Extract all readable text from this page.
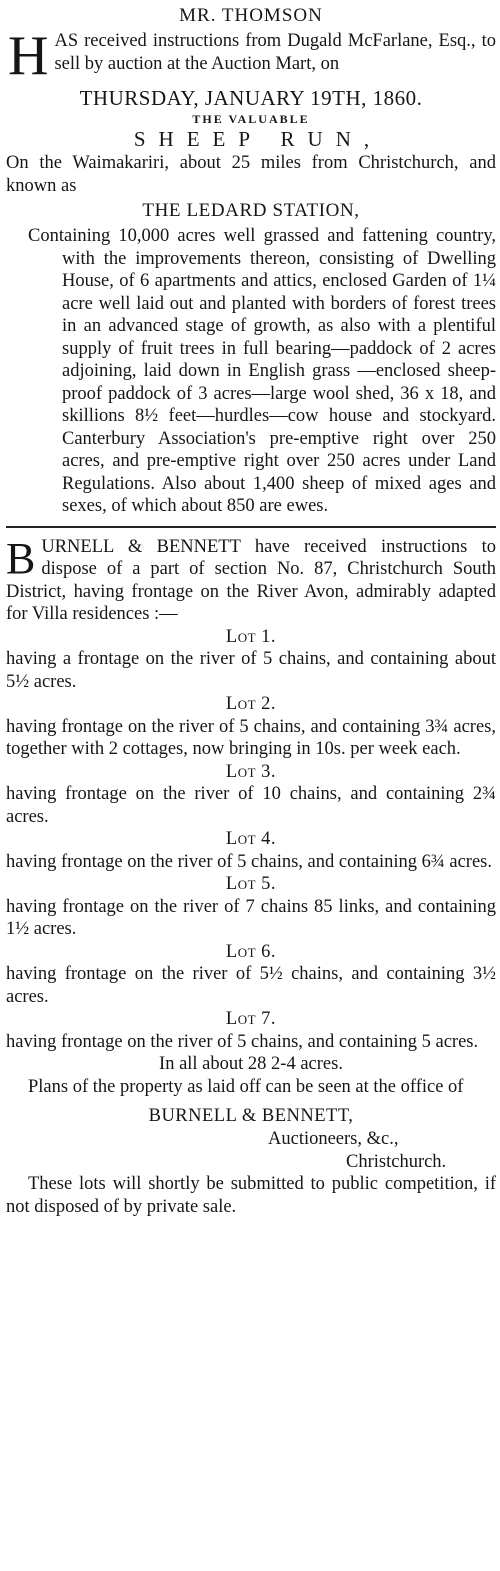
MR. THOMSON

H AS received instructions from Dugald McFarlane, Esq., to sell by auction at the Auction Mart, on

THURSDAY, JANUARY 19TH, 1860.

THE VALUABLE

SHEEP RUN,

On the Waimakariri, about 25 miles from Christchurch, and known as

THE LEDARD STATION,

Containing 10,000 acres well grassed and fattening country, with the improvements thereon, consisting of Dwelling House, of 6 apartments and attics, enclosed Garden of 1¼ acre well laid out and planted with borders of forest trees in an advanced stage of growth, as also with a plentiful supply of fruit trees in full bearing—paddock of 2 acres adjoining, laid down in English grass —enclosed sheep-proof paddock of 3 acres—large wool shed, 36 x 18, and skillions 8½ feet—hurdles—cow house and stockyard. Canterbury Association's pre-emptive right over 250 acres, and pre-emptive right over 250 acres under Land Regulations. Also about 1,400 sheep of mixed ages and sexes, of which about 850 are ewes.

B URNELL & BENNETT have received instructions to dispose of a part of section No. 87, Christchurch South District, having frontage on the River Avon, admirably adapted for Villa residences :—

Lot 1.

having a frontage on the river of 5 chains, and containing about 5½ acres.

Lot 2.

having frontage on the river of 5 chains, and containing 3¾ acres, together with 2 cottages, now bringing in 10s. per week each.

Lot 3.

having frontage on the river of 10 chains, and containing 2¾ acres.

Lot 4.

having frontage on the river of 5 chains, and containing 6¾ acres.

Lot 5.

having frontage on the river of 7 chains 85 links, and containing 1½ acres.

Lot 6.

having frontage on the river of 5½ chains, and containing 3½ acres.

Lot 7.

having frontage on the river of 5 chains, and containing 5 acres.

In all about 28 2-4 acres.

Plans of the property as laid off can be seen at the office of

BURNELL & BENNETT,

Auctioneers, &c.,

Christchurch.

These lots will shortly be submitted to public competition, if not disposed of by private sale.
